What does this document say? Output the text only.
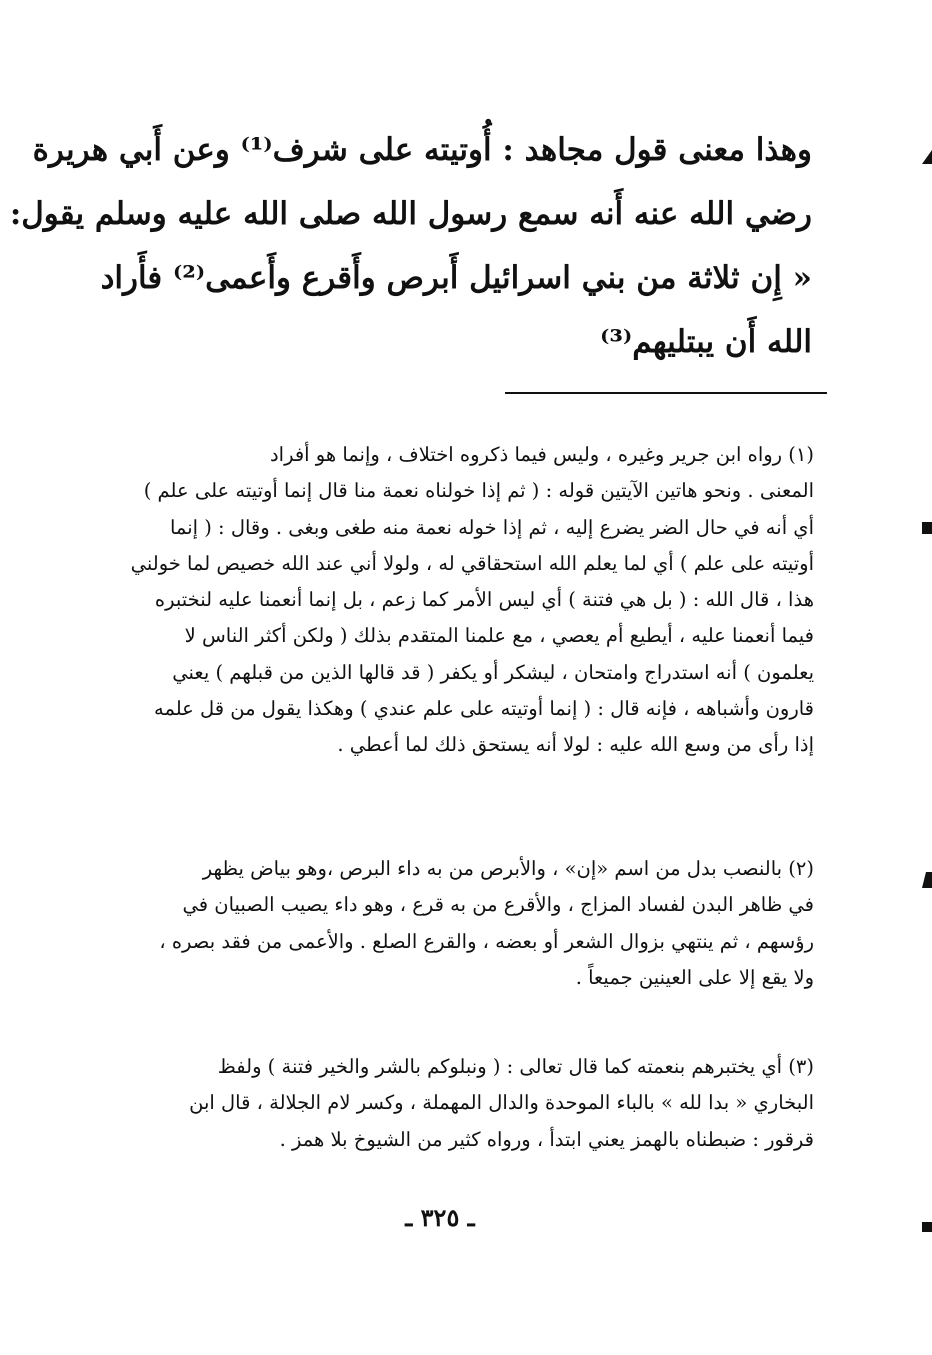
وهذا معنى قول مجاهد : أُوتيته على شرف⁽¹⁾ وعن أَبي هريرة
رضي الله عنه أَنه سمع رسول الله صلى الله عليه وسلم يقول:
« إِن ثلاثة من بني اسرائيل أَبرص وأَقرع وأَعمى⁽²⁾ فأَراد
الله أَن يبتليهم⁽³⁾
(١) رواه ابن جرير وغيره ، وليس فيما ذكروه اختلاف ، وإنما هو أفراد
المعنى . ونحو هاتين الآيتين قوله : ( ثم إذا خولناه نعمة منا قال إنما أوتيته على علم )
أي أنه في حال الضر يضرع إليه ، ثم إذا خوله نعمة منه طغى وبغى . وقال : ( إنما
أوتيته على علم ) أي لما يعلم الله استحقاقي له ، ولولا أني عند الله خصيص لما خولني
هذا ، قال الله : ( بل هي فتنة ) أي ليس الأمر كما زعم ، بل إنما أنعمنا عليه لنختبره
فيما أنعمنا عليه ، أيطيع أم يعصي ، مع علمنا المتقدم بذلك ( ولكن أكثر الناس لا
يعلمون ) أنه استدراج وامتحان ، ليشكر أو يكفر ( قد قالها الذين من قبلهم ) يعني
قارون وأشباهه ، فإنه قال : ( إنما أوتيته على علم عندي ) وهكذا يقول من قل علمه
إذا رأى من وسع الله عليه : لولا أنه يستحق ذلك لما أعطي .
(٢) بالنصب بدل من اسم «إن» ، والأبرص من به داء البرص ،وهو بياض يظهر
في ظاهر البدن لفساد المزاج ، والأقرع من به قرع ، وهو داء يصيب الصبيان في
رؤسهم ، ثم ينتهي بزوال الشعر أو بعضه ، والقرع الصلع . والأعمى من فقد بصره ،
ولا يقع إلا على العينين جميعاً .
(٣) أي يختبرهم بنعمته كما قال تعالى : ( ونبلوكم بالشر والخير فتنة ) ولفظ
البخاري « بدا لله » بالباء الموحدة والدال المهملة ، وكسر لام الجلالة ، قال ابن
قرقور : ضبطناه بالهمز يعني ابتدأ ، ورواه كثير من الشيوخ بلا همز .
ـ ٣٢٥ ـ
